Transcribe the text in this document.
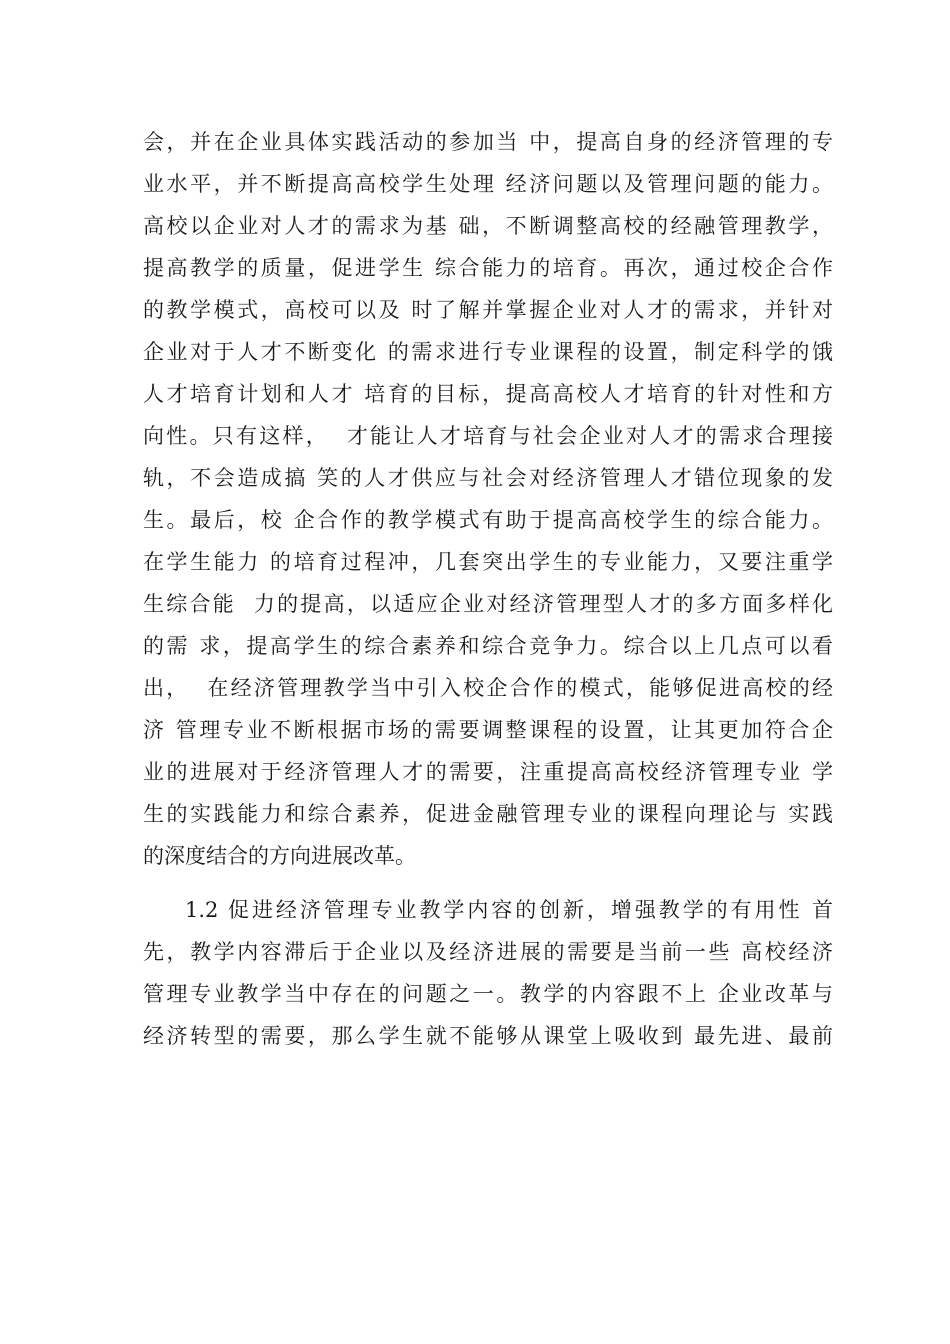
会，并在企业具体实践活动的参加当 中，提高自身的经济管理的专
业水平，并不断提高高校学生处理 经济问题以及管理问题的能力。
高校以企业对人才的需求为基 础，不断调整高校的经融管理教学，
提高教学的质量，促进学生 综合能力的培育。再次，通过校企合作
的教学模式，高校可以及 时了解并掌握企业对人才的需求，并针对
企业对于人才不断变化 的需求进行专业课程的设置，制定科学的饿
人才培育计划和人才 培育的目标，提高高校人才培育的针对性和方
向性。只有这样，  才能让人才培育与社会企业对人才的需求合理接
轨，不会造成搞 笑的人才供应与社会对经济管理人才错位现象的发
生。最后，校 企合作的教学模式有助于提高高校学生的综合能力。
在学生能力 的培育过程冲，几套突出学生的专业能力，又要注重学
生综合能  力的提高，以适应企业对经济管理型人才的多方面多样化
的需 求，提高学生的综合素养和综合竞争力。综合以上几点可以看
出，  在经济管理教学当中引入校企合作的模式，能够促进高校的经
济 管理专业不断根据市场的需要调整课程的设置，让其更加符合企
业的进展对于经济管理人才的需要，注重提高高校经济管理专业 学
生的实践能力和综合素养，促进金融管理专业的课程向理论与 实践
的深度结合的方向进展改革。
1.2 促进经济管理专业教学内容的创新，增强教学的有用性 首
先，教学内容滞后于企业以及经济进展的需要是当前一些 高校经济
管理专业教学当中存在的问题之一。教学的内容跟不上 企业改革与
经济转型的需要，那么学生就不能够从课堂上吸收到 最先进、最前
